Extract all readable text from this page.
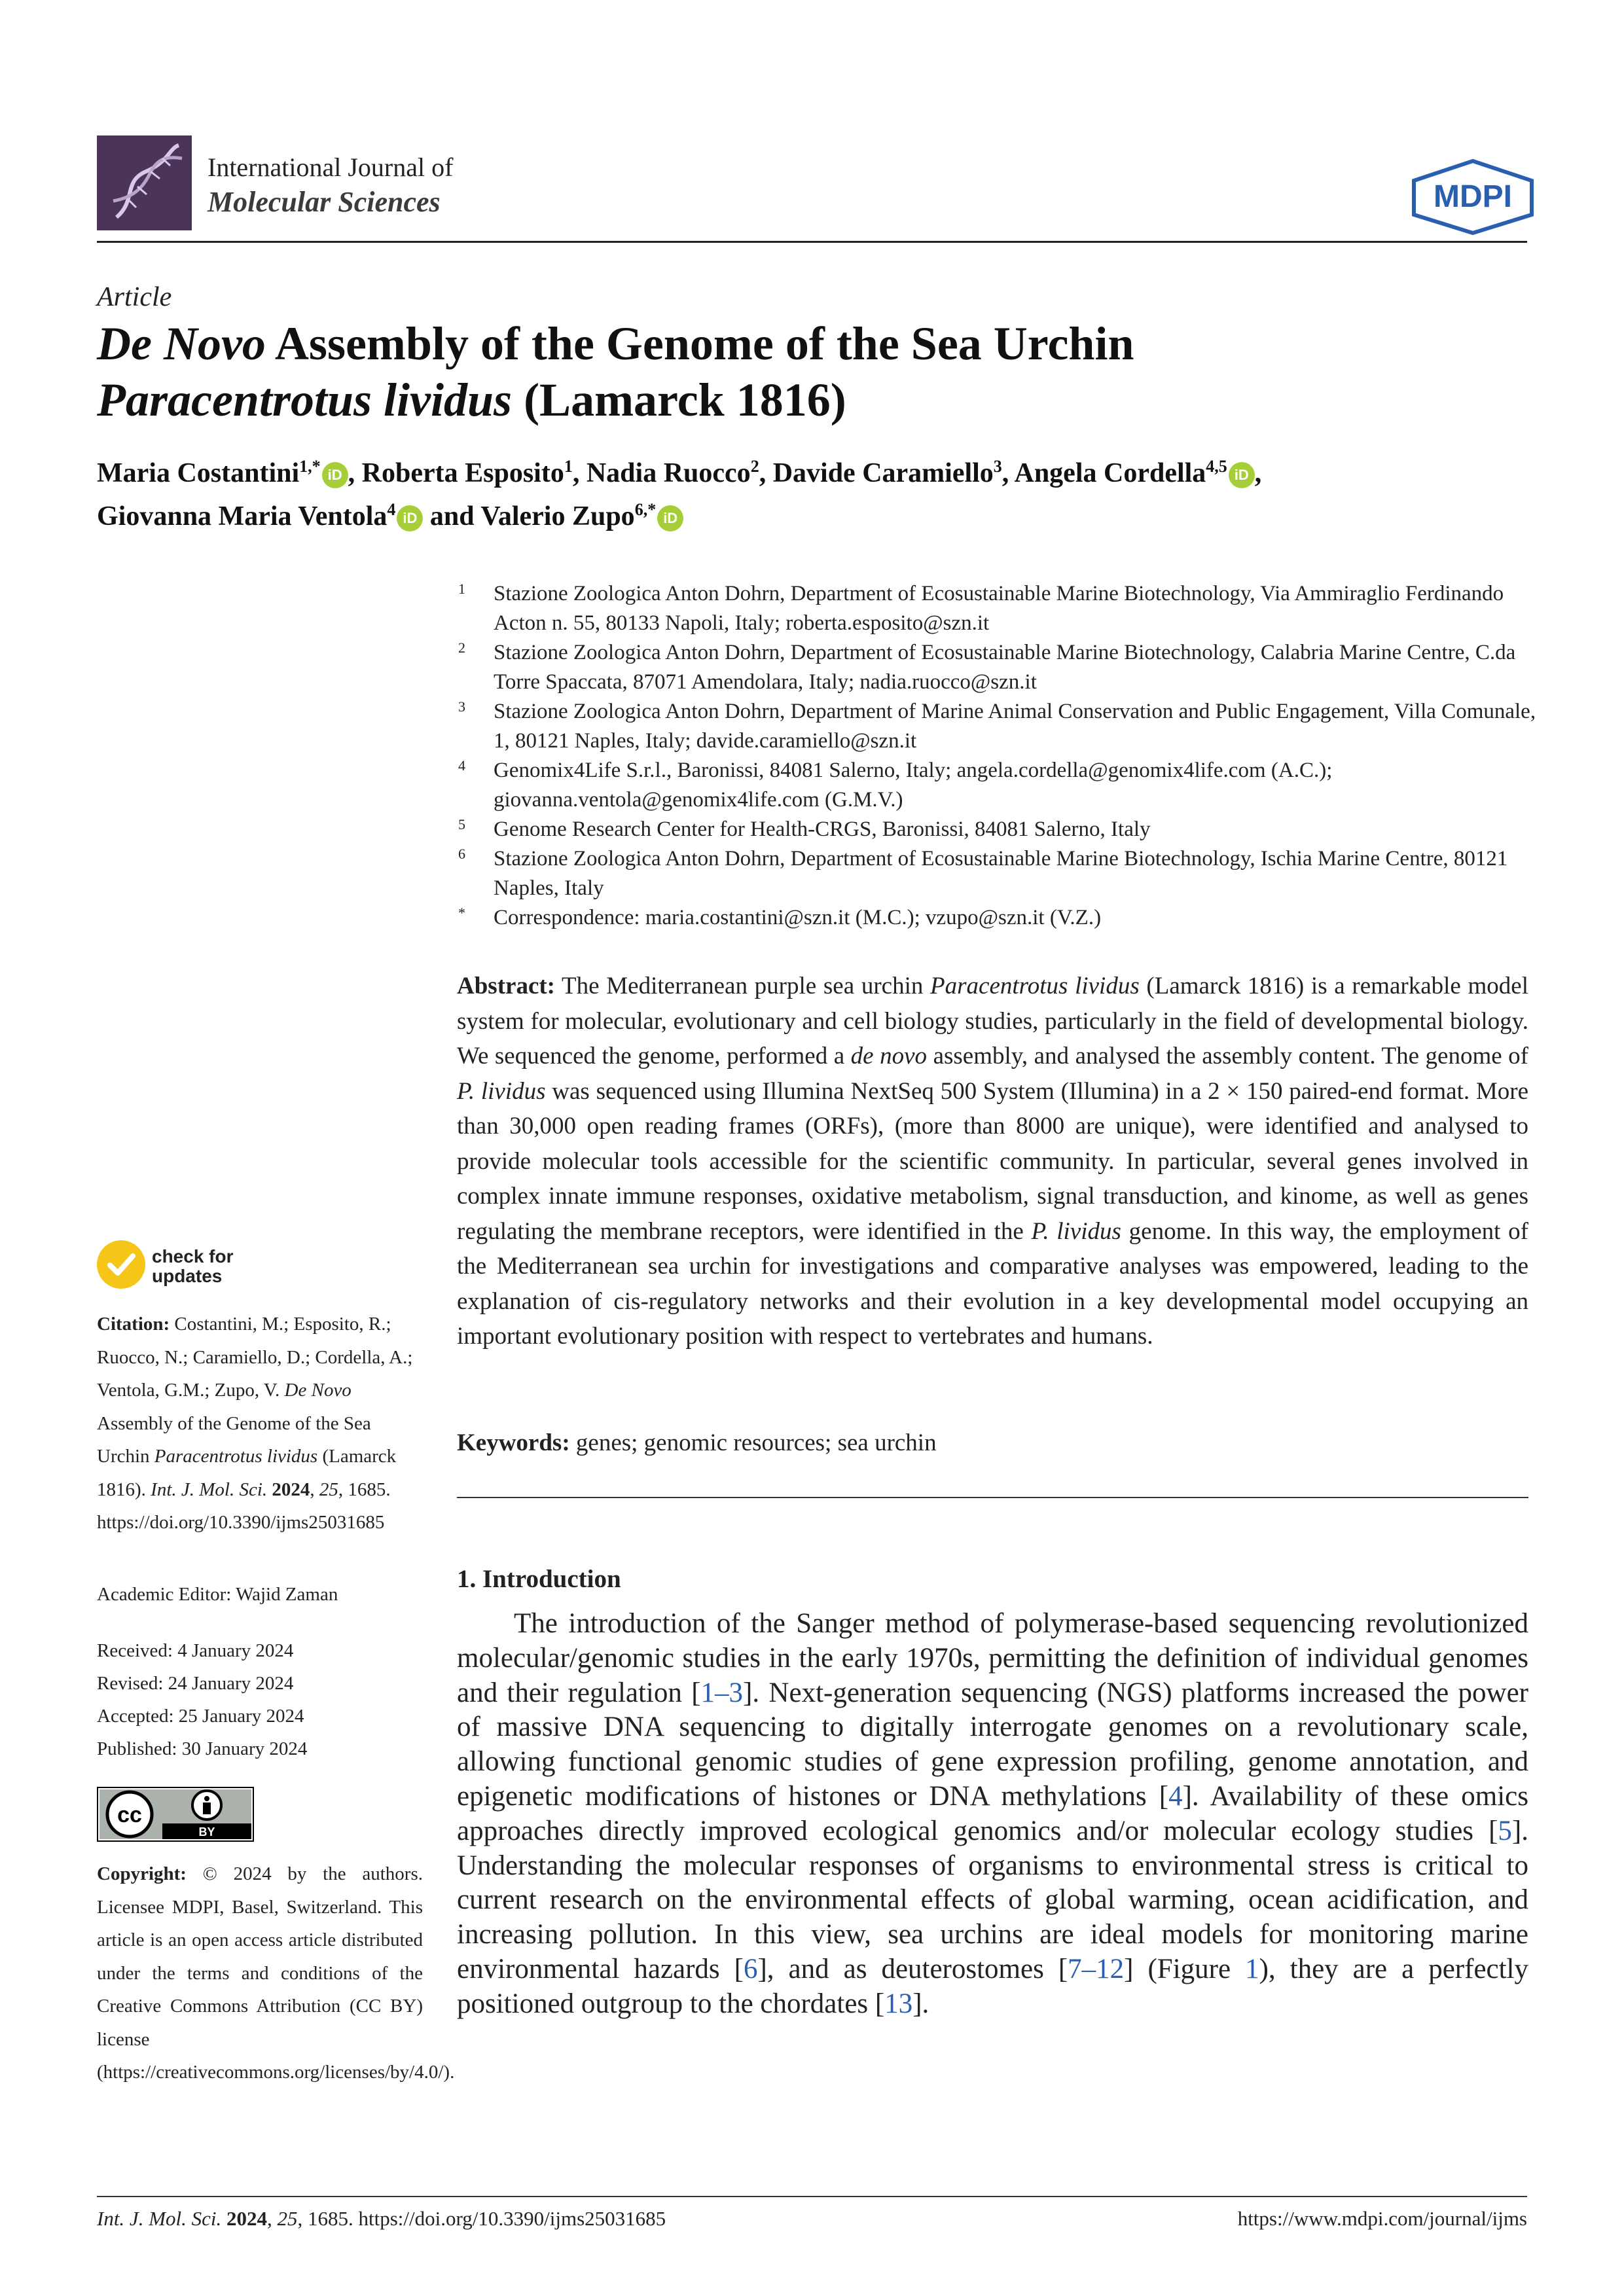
International Journal of
Molecular Sciences	MDPI
Article
De Novo Assembly of the Genome of the Sea Urchin
Paracentrotus lividus (Lamarck 1816)
Maria Costantini$^{1,*}$ iD , Roberta Esposito$^1$, Nadia Ruocco$^2$, Davide Caramiello$^3$, Angela Cordella$^{4,5}$ iD ,
Giovanna Maria Ventola$^4$ iD and Valerio Zupo$^{6,*}$ iD
1	Stazione Zoologica Anton Dohrn, Department of Ecosustainable Marine Biotechnology, Via Ammiraglio Ferdinando Acton n. 55, 80133 Napoli, Italy; roberta.esposito@szn.it
2	Stazione Zoologica Anton Dohrn, Department of Ecosustainable Marine Biotechnology, Calabria Marine Centre, C.da Torre Spaccata, 87071 Amendolara, Italy; nadia.ruocco@szn.it
3	Stazione Zoologica Anton Dohrn, Department of Marine Animal Conservation and Public Engagement, Villa Comunale, 1, 80121 Naples, Italy; davide.caramiello@szn.it
4	Genomix4Life S.r.l., Baronissi, 84081 Salerno, Italy; angela.cordella@genomix4life.com (A.C.); giovanna.ventola@genomix4life.com (G.M.V.)
5	Genome Research Center for Health-CRGS, Baronissi, 84081 Salerno, Italy
6	Stazione Zoologica Anton Dohrn, Department of Ecosustainable Marine Biotechnology, Ischia Marine Centre, 80121 Naples, Italy
*	Correspondence: maria.costantini@szn.it (M.C.); vzupo@szn.it (V.Z.)
Abstract: The Mediterranean purple sea urchin Paracentrotus lividus (Lamarck 1816) is a remarkable model system for molecular, evolutionary and cell biology studies, particularly in the field of developmental biology. We sequenced the genome, performed a de novo assembly, and analysed the assembly content. The genome of P. lividus was sequenced using Illumina NextSeq 500 System (Illumina) in a 2 × 150 paired-end format. More than 30,000 open reading frames (ORFs), (more than 8000 are unique), were identified and analysed to provide molecular tools accessible for the scientific community. In particular, several genes involved in complex innate immune responses, oxidative metabolism, signal transduction, and kinome, as well as genes regulating the membrane receptors, were identified in the P. lividus genome. In this way, the employment of the Mediterranean sea urchin for investigations and comparative analyses was empowered, leading to the explanation of cis-regulatory networks and their evolution in a key developmental model occupying an important evolutionary position with respect to vertebrates and humans.
Keywords: genes; genomic resources; sea urchin
1. Introduction
The introduction of the Sanger method of polymerase-based sequencing revolutionized molecular/genomic studies in the early 1970s, permitting the definition of individual genomes and their regulation [1–3]. Next-generation sequencing (NGS) platforms increased the power of massive DNA sequencing to digitally interrogate genomes on a revolutionary scale, allowing functional genomic studies of gene expression profiling, genome annotation, and epigenetic modifications of histones or DNA methylations [4]. Availability of these omics approaches directly improved ecological genomics and/or molecular ecology studies [5]. Understanding the molecular responses of organisms to environmental stress is critical to current research on the environmental effects of global warming, ocean acidification, and increasing pollution. In this view, sea urchins are ideal models for monitoring marine environmental hazards [6], and as deuterostomes [7–12] (Figure 1), they are a perfectly positioned outgroup to the chordates [13].
check for
updates
Citation: Costantini, M.; Esposito, R.; Ruocco, N.; Caramiello, D.; Cordella, A.; Ventola, G.M.; Zupo, V. De Novo Assembly of the Genome of the Sea Urchin Paracentrotus lividus (Lamarck 1816). Int. J. Mol. Sci. 2024, 25, 1685. https://doi.org/10.3390/ijms25031685
Academic Editor: Wajid Zaman
Received: 4 January 2024
Revised: 24 January 2024
Accepted: 25 January 2024
Published: 30 January 2024
cc
BY
Copyright: © 2024 by the authors. Licensee MDPI, Basel, Switzerland. This article is an open access article distributed under the terms and conditions of the Creative Commons Attribution (CC BY) license (https://creativecommons.org/licenses/by/4.0/).
Int. J. Mol. Sci. 2024, 25, 1685. https://doi.org/10.3390/ijms25031685	https://www.mdpi.com/journal/ijms
